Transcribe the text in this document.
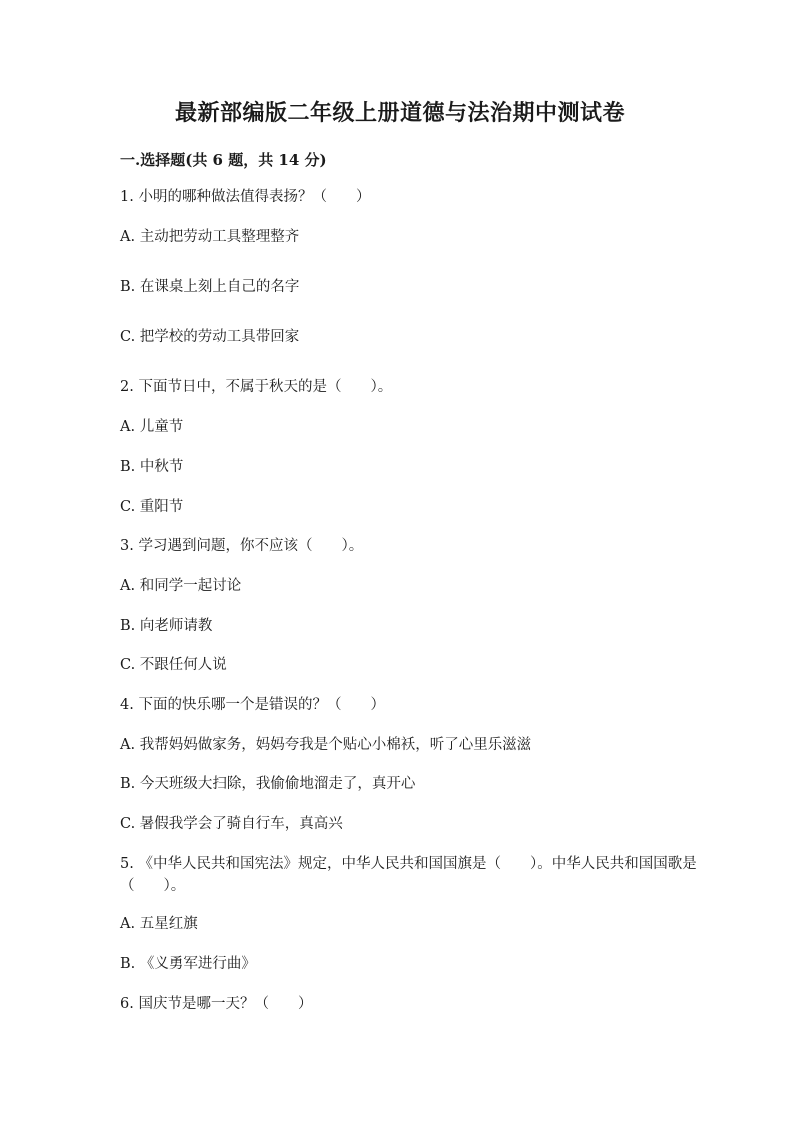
最新部编版二年级上册道德与法治期中测试卷
一.选择题(共 6 题，共 14 分)
1. 小明的哪种做法值得表扬？（　　）
A. 主动把劳动工具整理整齐
B. 在课桌上刻上自己的名字
C. 把学校的劳动工具带回家
2. 下面节日中，不属于秋天的是（　　）。
A. 儿童节
B. 中秋节
C. 重阳节
3. 学习遇到问题，你不应该（　　）。
A. 和同学一起讨论
B. 向老师请教
C. 不跟任何人说
4. 下面的快乐哪一个是错误的？（　　）
A. 我帮妈妈做家务，妈妈夸我是个贴心小棉袄，听了心里乐滋滋
B. 今天班级大扫除，我偷偷地溜走了，真开心
C. 暑假我学会了骑自行车，真高兴
5. 《中华人民共和国宪法》规定，中华人民共和国国旗是（　　）。中华人民共和国国歌是（　　）。
A. 五星红旗
B. 《义勇军进行曲》
6. 国庆节是哪一天？（　　）
